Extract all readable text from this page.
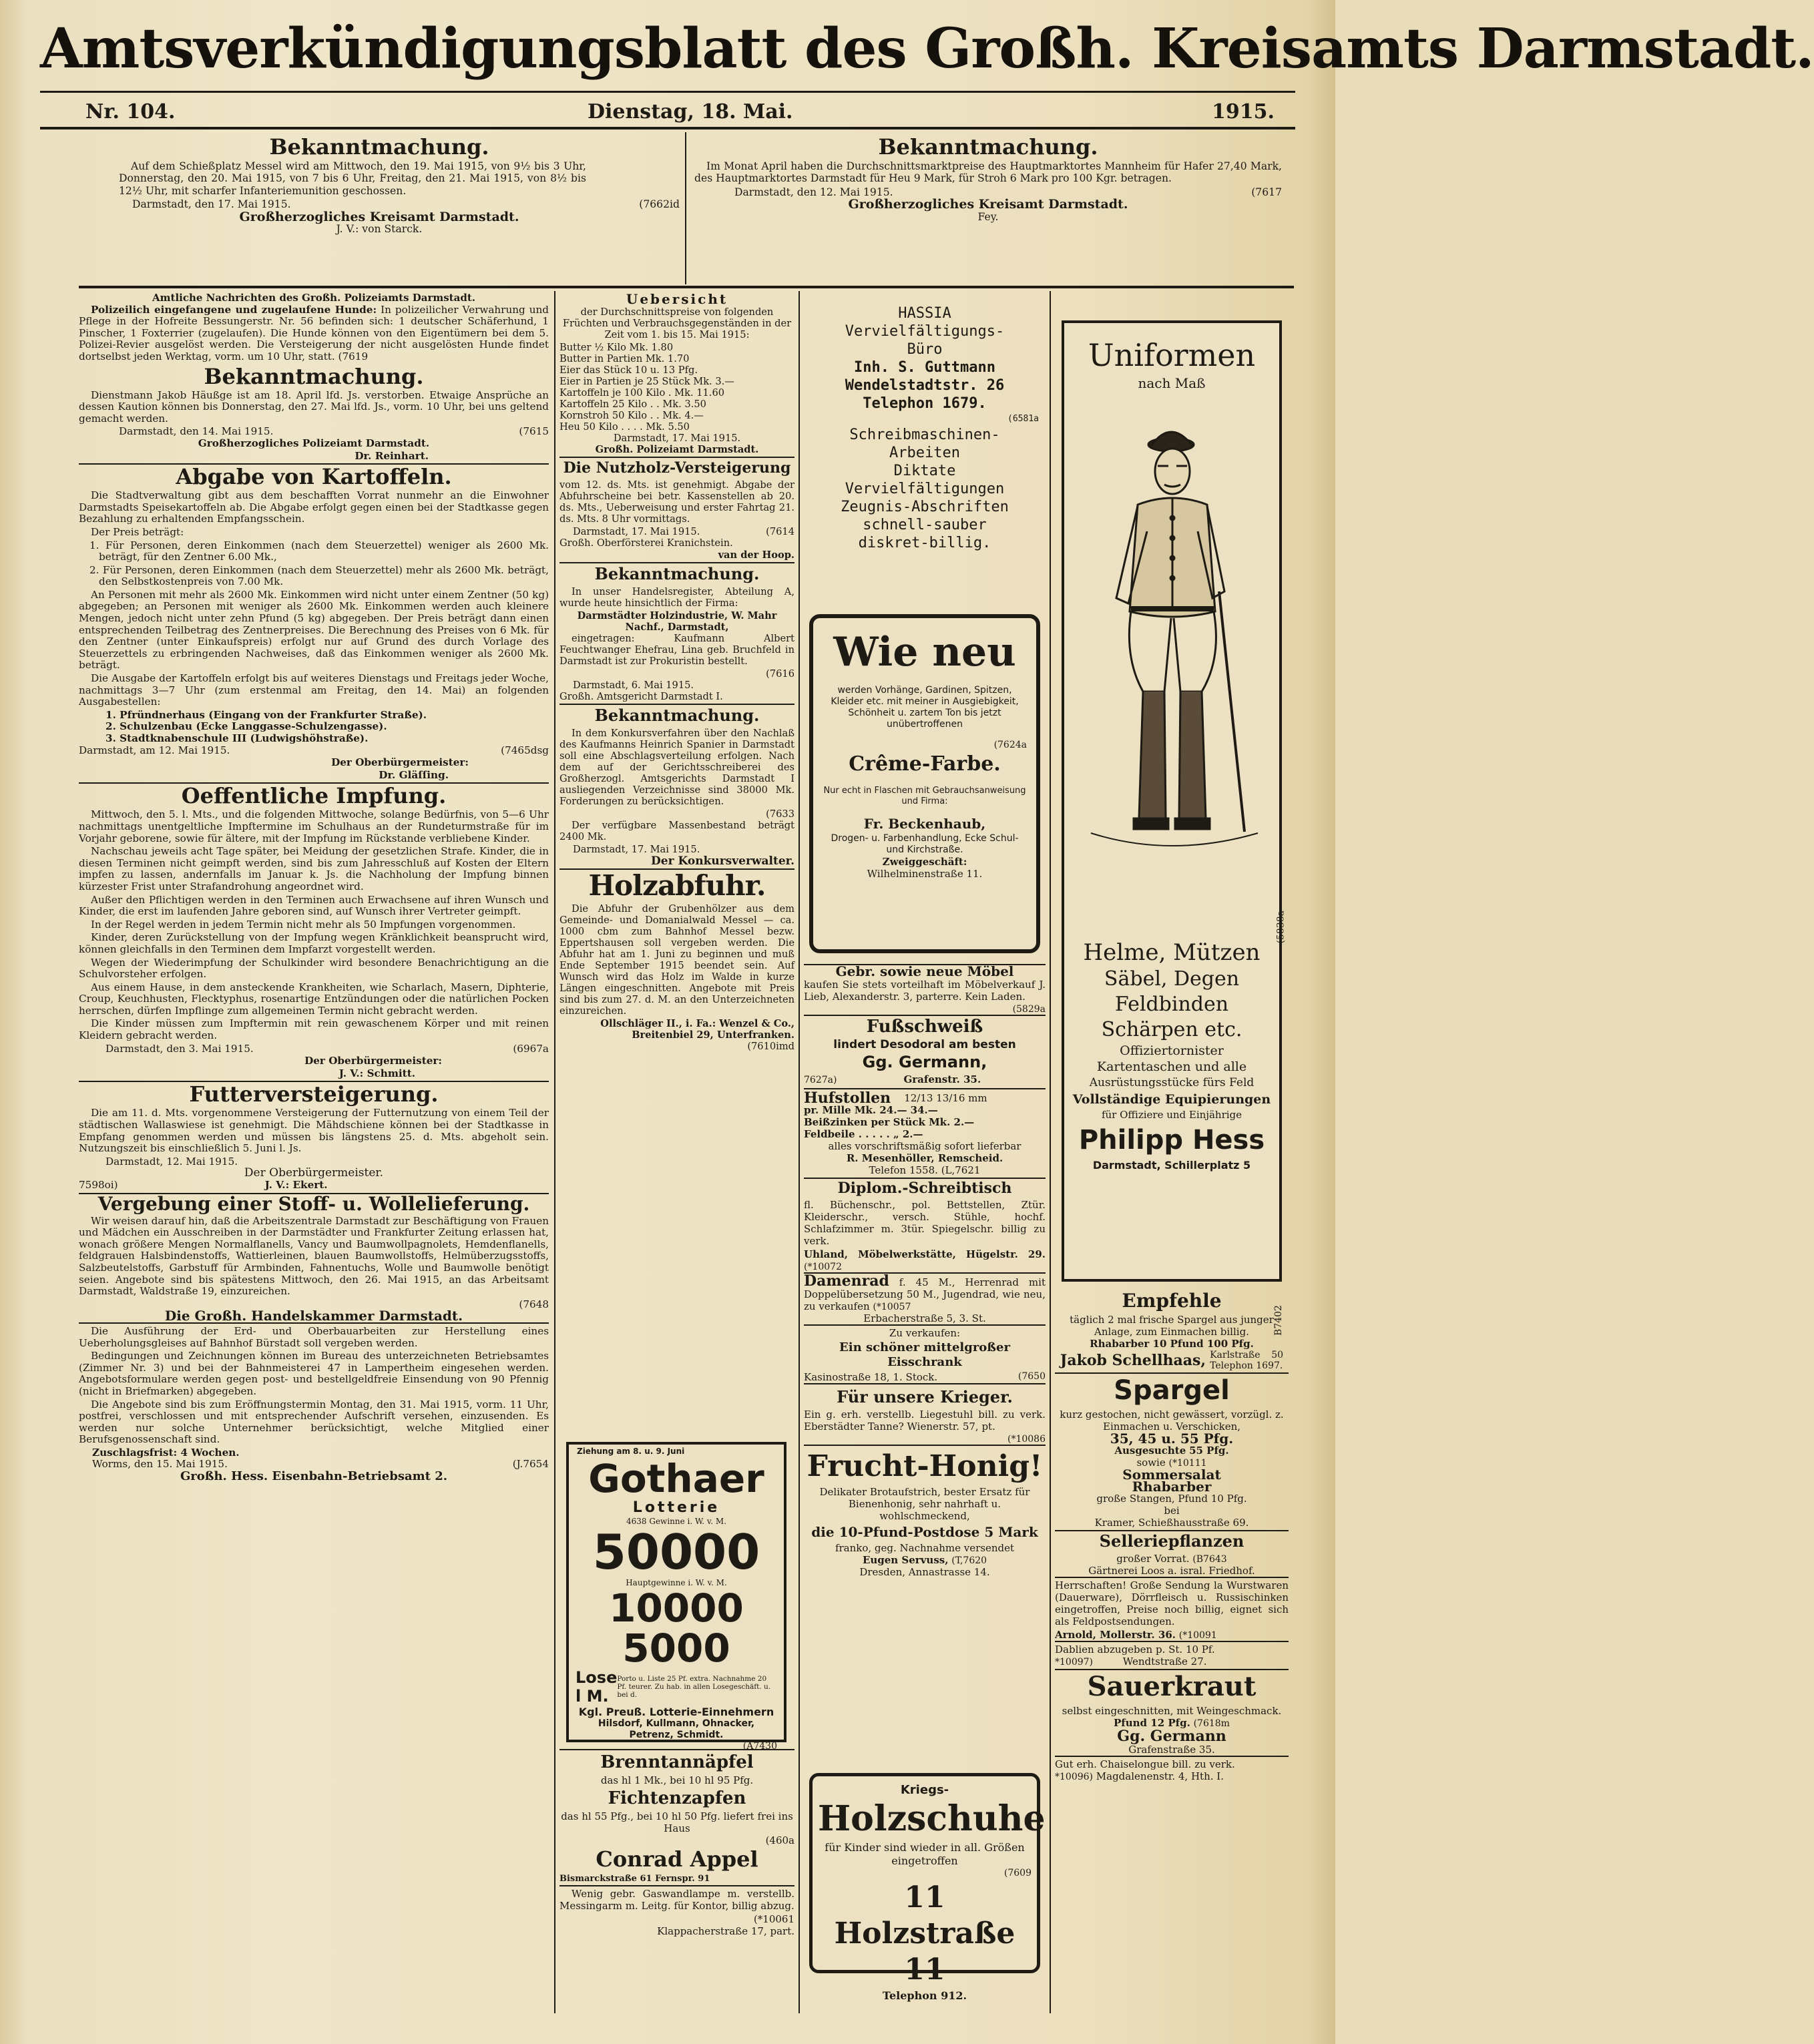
Amtsverkündigungsblatt des Großh. Kreisamts Darmstadt.
Nr. 104.	Dienstag, 18. Mai.	1915.
Bekanntmachung.

Auf dem Schießplatz Messel wird am Mittwoch, den 19. Mai 1915, von 9½ bis 3 Uhr, Donnerstag, den 20. Mai 1915, von 7 bis 6 Uhr, Freitag, den 21. Mai 1915, von 8½ bis 12½ Uhr, mit scharfer Infanteriemunition geschossen.

Darmstadt, den 17. Mai 1915.	(7662id
Großherzogliches Kreisamt Darmstadt.
J. V.: von Starck.
Bekanntmachung.

Im Monat April haben die Durchschnittsmarktpreise des Hauptmarktortes Mannheim für Hafer 27,40 Mark, des Hauptmarktortes Darmstadt für Heu 9 Mark, für Stroh 6 Mark pro 100 Kgr. betragen.

Darmstadt, den 12. Mai 1915.	(7617
Großherzogliches Kreisamt Darmstadt.
Fey.
Amtliche Nachrichten des Großh. Polizeiamts Darmstadt.

Polizeilich eingefangene und zugelaufene Hunde: In polizeilicher Verwahrung und Pflege in der Hofreite Bessungerstr. Nr. 56 befinden sich: 1 deutscher Schäferhund, 1 Pinscher, 1 Foxterrier (zugelaufen). Die Hunde können von den Eigentümern bei dem 5. Polizei-Revier ausgelöst werden. Die Versteigerung der nicht ausgelösten Hunde findet dortselbst jeden Werktag, vorm. um 10 Uhr, statt. (7619

Bekanntmachung.

Dienstmann Jakob Häußge ist am 18. April lfd. Js. verstorben. Etwaige Ansprüche an dessen Kaution können bis Donnerstag, den 27. Mai lfd. Js., vorm. 10 Uhr, bei uns geltend gemacht werden.

Darmstadt, den 14. Mai 1915.	(7615
Großherzogliches Polizeiamt Darmstadt.
Dr. Reinhart.
Abgabe von Kartoffeln.

Die Stadtverwaltung gibt aus dem beschafften Vorrat nunmehr an die Einwohner Darmstadts Speisekartoffeln ab. Die Abgabe erfolgt gegen einen bei der Stadtkasse gegen Bezahlung zu erhaltenden Empfangsschein.

Der Preis beträgt:

1. Für Personen, deren Einkommen (nach dem Steuerzettel) weniger als 2600 Mk. beträgt, für den Zentner 6.00 Mk.,

2. Für Personen, deren Einkommen (nach dem Steuerzettel) mehr als 2600 Mk. beträgt, den Selbstkostenpreis von 7.00 Mk.

An Personen mit mehr als 2600 Mk. Einkommen wird nicht unter einem Zentner (50 kg) abgegeben; an Personen mit weniger als 2600 Mk. Einkommen werden auch kleinere Mengen, jedoch nicht unter zehn Pfund (5 kg) abgegeben. Der Preis beträgt dann einen entsprechenden Teilbetrag des Zentnerpreises. Die Berechnung des Preises von 6 Mk. für den Zentner (unter Einkaufspreis) erfolgt nur auf Grund des durch Vorlage des Steuerzettels zu erbringenden Nachweises, daß das Einkommen weniger als 2600 Mk. beträgt.

Die Ausgabe der Kartoffeln erfolgt bis auf weiteres Dienstags und Freitags jeder Woche, nachmittags 3—7 Uhr (zum erstenmal am Freitag, den 14. Mai) an folgenden Ausgabestellen:

1. Pfründnerhaus (Eingang von der Frankfurter Straße).
2. Schulzenbau (Ecke Langgasse-Schulzengasse).
3. Stadtknabenschule III (Ludwigshöhstraße).
Darmstadt, am 12. Mai 1915.	(7465dsg
Der Oberbürgermeister:
Dr. Gläſſing.
Oeffentliche Impfung.

Mittwoch, den 5. l. Mts., und die folgenden Mittwoche, solange Bedürfnis, von 5—6 Uhr nachmittags unentgeltliche Impftermine im Schulhaus an der Rundeturmstraße für im Vorjahr geborene, sowie für ältere, mit der Impfung im Rückstande verbliebene Kinder.

Nachschau jeweils acht Tage später, bei Meidung der gesetzlichen Strafe. Kinder, die in diesen Terminen nicht geimpft werden, sind bis zum Jahresschluß auf Kosten der Eltern impfen zu lassen, andernfalls im Januar k. Js. die Nachholung der Impfung binnen kürzester Frist unter Strafandrohung angeordnet wird.

Außer den Pflichtigen werden in den Terminen auch Erwachsene auf ihren Wunsch und Kinder, die erst im laufenden Jahre geboren sind, auf Wunsch ihrer Vertreter geimpft.

In der Regel werden in jedem Termin nicht mehr als 50 Impfungen vorgenommen.

Kinder, deren Zurückstellung von der Impfung wegen Kränklichkeit beansprucht wird, können gleichfalls in den Terminen dem Impfarzt vorgestellt werden.

Wegen der Wiederimpfung der Schulkinder wird besondere Benachrichtigung an die Schulvorsteher erfolgen.

Aus einem Hause, in dem ansteckende Krankheiten, wie Scharlach, Masern, Diphterie, Croup, Keuchhusten, Flecktyphus, rosenartige Entzündungen oder die natürlichen Pocken herrschen, dürfen Impflinge zum allgemeinen Termin nicht gebracht werden.

Die Kinder müssen zum Impftermin mit rein gewaschenem Körper und mit reinen Kleidern gebracht werden.

Darmstadt, den 3. Mai 1915.	(6967a
Der Oberbürgermeister:
J. V.: Schmitt.
Futterversteigerung.

Die am 11. d. Mts. vorgenommene Versteigerung der Futternutzung von einem Teil der städtischen Wallaswiese ist genehmigt. Die Mähdschiene können bei der Stadtkasse in Empfang genommen werden und müssen bis längstens 25. d. Mts. abgeholt sein. Nutzungszeit bis einschließlich 5. Juni l. Js.

Darmstadt, 12. Mai 1915.
Der Oberbürgermeister.
7598oi)	J. V.: Ekert.
Vergebung einer Stoff- u. Wollelieferung.

Wir weisen darauf hin, daß die Arbeitszentrale Darmstadt zur Beschäftigung von Frauen und Mädchen ein Ausschreiben in der Darmstädter und Frankfurter Zeitung erlassen hat, wonach größere Mengen Normalflanells, Vancy und Baumwollpagnolets, Hemdenflanells, feldgrauen Halsbindenstoffs, Wattierleinen, blauen Baumwollstoffs, Helmüberzugsstoffs, Salzbeutelstoffs, Garbstuff für Armbinden, Fahnentuchs, Wolle und Baumwolle benötigt seien. Angebote sind bis spätestens Mittwoch, den 26. Mai 1915, an das Arbeitsamt Darmstadt, Waldstraße 19, einzureichen.

(7648
Die Großh. Handelskammer Darmstadt.

Die Ausführung der Erd- und Oberbauarbeiten zur Herstellung eines Ueberholungsgleises auf Bahnhof Bürstadt soll vergeben werden.

Bedingungen und Zeichnungen können im Bureau des unterzeichneten Betriebsamtes (Zimmer Nr. 3) und bei der Bahnmeisterei 47 in Lampertheim eingesehen werden. Angebotsformulare werden gegen post- und bestellgeldfreie Einsendung von 90 Pfennig (nicht in Briefmarken) abgegeben.

Die Angebote sind bis zum Eröffnungstermin Montag, den 31. Mai 1915, vorm. 11 Uhr, postfrei, verschlossen und mit entsprechender Aufschrift versehen, einzusenden. Es werden nur solche Unternehmer berücksichtigt, welche Mitglied einer Berufsgenossenschaft sind.

Zuschlagsfrist: 4 Wochen.
Worms, den 15. Mai 1915.	(J.7654
Großh. Hess. Eisenbahn-Betriebsamt 2.
Uebersicht

der Durchschnittspreise von folgenden Früchten und Verbrauchsgegenständen in der Zeit vom 1. bis 15. Mai 1915:

Butter ½ Kilo Mk. 1.80
Butter in Partien Mk. 1.70
Eier das Stück 10 u. 13 Pfg.
Eier in Partien je 25 Stück Mk. 3.—
Kartoffeln je 100 Kilo . Mk. 11.60
Kartoffeln 25 Kilo . . Mk. 3.50
Kornstroh 50 Kilo . . Mk. 4.—
Heu 50 Kilo . . . . Mk. 5.50
Darmstadt, 17. Mai 1915.
Großh. Polizeiamt Darmstadt.
Die Nutzholz-Versteigerung

vom 12. ds. Mts. ist genehmigt. Abgabe der Abfuhrscheine bei betr. Kassenstellen ab 20. ds. Mts., Ueberweisung und erster Fahrtag 21. ds. Mts. 8 Uhr vormittags.

(7614
Darmstadt, 17. Mai 1915.
Großh. Oberförsterei Kranichstein.
van der Hoop.
Bekanntmachung.

In unser Handelsregister, Abteilung A, wurde heute hinsichtlich der Firma:

Darmstädter Holzindustrie, W. Mahr Nachf., Darmstadt,

eingetragen: Kaufmann Albert Feuchtwanger Ehefrau, Lina geb. Bruchfeld in Darmstadt ist zur Prokuristin bestellt.

(7616
Darmstadt, 6. Mai 1915.
Großh. Amtsgericht Darmstadt I.
Bekanntmachung.

In dem Konkursverfahren über den Nachlaß des Kaufmanns Heinrich Spanier in Darmstadt soll eine Abschlagsverteilung erfolgen. Nach dem auf der Gerichtsschreiberei des Großherzogl. Amtsgerichts Darmstadt I ausliegenden Verzeichnisse sind 38000 Mk. Forderungen zu berücksichtigen.

(7633

Der verfügbare Massenbestand beträgt 2400 Mk.

Darmstadt, 17. Mai 1915.
Der Konkursverwalter.
Holzabfuhr.

Die Abfuhr der Grubenhölzer aus dem Gemeinde- und Domanialwald Messel — ca. 1000 cbm zum Bahnhof Messel bezw. Eppertshausen soll vergeben werden. Die Abfuhr hat am 1. Juni zu beginnen und muß Ende September 1915 beendet sein. Auf Wunsch wird das Holz im Walde in kurze Längen eingeschnitten. Angebote mit Preis sind bis zum 27. d. M. an den Unterzeichneten einzureichen.

Ollschläger II., i. Fa.: Wenzel & Co., Breitenbiel 29, Unterfranken.
(7610imd
Ziehung am 8. u. 9. Juni
Gothaer
Lotterie
4638 Gewinne i. W. v. M.
50000
Hauptgewinne i. W. v. M.
10000
5000
Lose l M.
Porto u. Liste 25 Pf. extra. Nachnahme 20 Pf. teurer. Zu hab. in allen Losegeschäft. u. bei d.
Kgl. Preuß. Lotterie-Einnehmern
Hilsdorf, Kullmann, Ohnacker, Petrenz, Schmidt.
(A7430
Brenntannäpfel
das hl 1 Mk., bei 10 hl 95 Pfg.
Fichtenzapfen
das hl 55 Pfg., bei 10 hl 50 Pfg. liefert frei ins Haus
(460a
Conrad Appel
Bismarckstraße 61 Fernspr. 91

Wenig gebr. Gaswandlampe m. verstellb. Messingarm m. Leitg. für Kontor, billig abzug.

(*10061
Klappacherstraße 17, part.
HASSIA
Vervielfältigungs-
Büro
Inh. S. Guttmann
Wendelstadtstr. 26
Telephon 1679.
(6581a
Schreibmaschinen-
Arbeiten
Diktate
Vervielfältigungen
Zeugnis-Abschriften
schnell-sauber
diskret-billig.
Wie neu

werden Vorhänge, Gardinen, Spitzen, Kleider etc. mit meiner in Ausgiebigkeit, Schönheit u. zartem Ton bis jetzt unübertroffenen

(7624a
Crême-Farbe.

Nur echt in Flaschen mit Gebrauchsanweisung und Firma:

Fr. Beckenhaub,
Drogen- u. Farbenhandlung, Ecke Schul- und Kirchstraße.
Zweiggeschäft:
Wilhelminenstraße 11.
Gebr. sowie neue Möbel

kaufen Sie stets vorteilhaft im Möbelverkauf J. Lieb, Alexanderstr. 3, parterre. Kein Laden.

(5829a
Fußschweiß
lindert Desodoral am besten
Gg. Germann,
7627a)	Grafenstr. 35.
Hufstollen 12/13 13/16 mm
pr. Mille Mk. 24.— 34.—
Beißzinken per Stück Mk. 2.—
Feldbeile . . . . . „ 2.—
alles vorschriftsmäßig sofort lieferbar
R. Mesenhöller, Remscheid.
Telefon 1558. (L,7621
Diplom.-Schreibtisch

fl. Büchenschr., pol. Bettstellen, Ztür. Kleiderschr., versch. Stühle, hochf. Schlafzimmer m. 3tür. Spiegelschr. billig zu verk.

Uhland, Möbelwerkstätte, Hügelstr. 29. (*10072
Damenrad f. 45 M., Herrenrad mit Doppelübersetzung 50 M., Jugendrad, wie neu, zu verkaufen (*10057
Erbacherstraße 5, 3. St.
Zu verkaufen:
Ein schöner mittelgroßer Eisschrank
Kasinostraße 18, 1. Stock.	(7650
Für unsere Krieger.

Ein g. erh. verstellb. Liegestuhl bill. zu verk. Eberstädter Tanne? Wienerstr. 57, pt.

(*10086
Frucht-Honig!
Delikater Brotaufstrich, bester Ersatz für Bienenhonig, sehr nahrhaft u. wohlschmeckend,
die 10-Pfund-Postdose 5 Mark
franko, geg. Nachnahme versendet
Eugen Servuss, (T,7620
Dresden, Annastrasse 14.
Kriegs-
Holzschuhe
für Kinder sind wieder in all. Größen eingetroffen
(7609
11 Holzstraße 11
Telephon 912.
Uniformen
nach Maß
(5838a
Helme, Mützen
Säbel, Degen
Feldbinden
Schärpen etc.
Offiziertornister
Kartentaschen und alle
Ausrüstungsstücke fürs Feld
Vollständige Equipierungen
für Offiziere und Einjährige
Philipp Hess
Darmstadt, Schillerplatz 5
Empfehle
täglich 2 mal frische Spargel aus junger Anlage, zum Einmachen billig.
Rhabarber 10 Pfund 100 Pfg.
Jakob Schellhaas, Karlstraße 50 Telephon 1697.
B7402
Spargel
kurz gestochen, nicht gewässert, vorzügl. z. Einmachen u. Verschicken,
35, 45 u. 55 Pfg.
Ausgesuchte 55 Pfg.
sowie (*10111
Sommersalat
Rhabarber
große Stangen, Pfund 10 Pfg.
bei
Kramer, Schießhausstraße 69.
Selleriepflanzen
großer Vorrat. (B7643
Gärtnerei Loos a. isral. Friedhof.

Herrschaften! Große Sendung la Wurstwaren (Dauerware), Dörrfleisch u. Russischinken eingetroffen, Preise noch billig, eignet sich als Feldpostsendungen.

Arnold, Mollerstr. 36. (*10091
Dablien abzugeben p. St. 10 Pf.
*10097)	Wendtstraße 27.
Sauerkraut
selbst eingeschnitten, mit Weingeschmack.
Pfund 12 Pfg. (7618m
Gg. Germann
Grafenstraße 35.
Gut erh. Chaiselongue bill. zu verk.
*10096) Magdalenenstr. 4, Hth. I.
